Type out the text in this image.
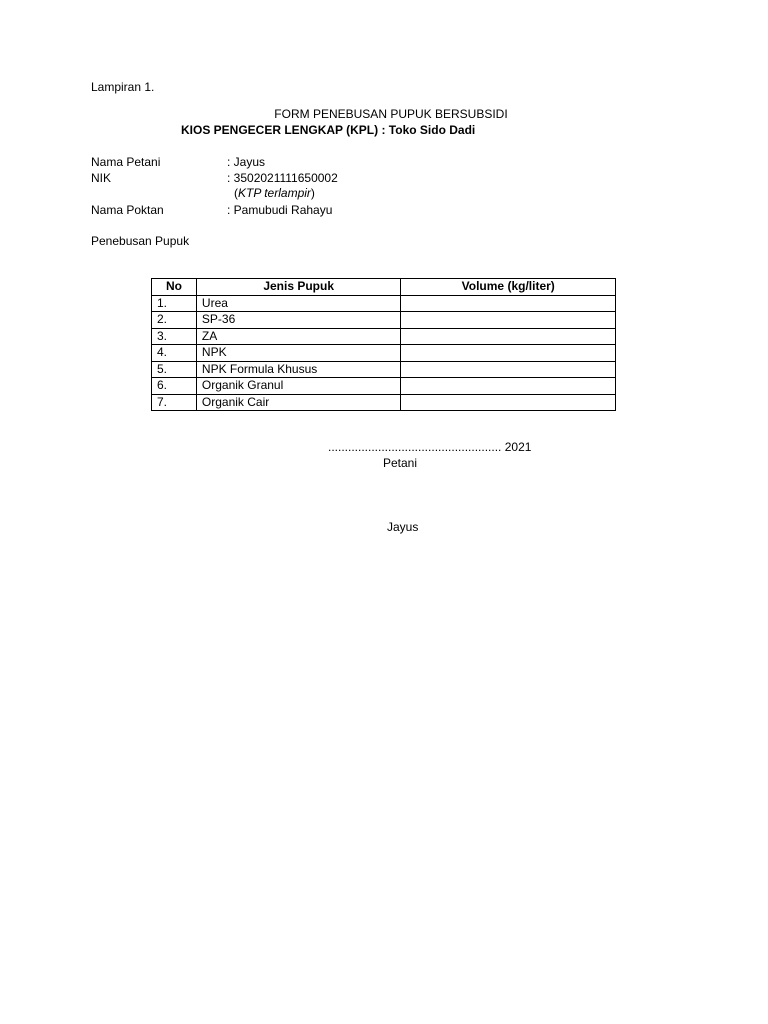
Lampiran 1.
FORM PENEBUSAN PUPUK BERSUBSIDI
KIOS PENGECER LENGKAP (KPL) : Toko Sido Dadi
Nama Petani	: Jayus
NIK	: 3502021111650002
(KTP terlampir)
Nama Poktan	: Pamubudi Rahayu
Penebusan Pupuk
No	Jenis Pupuk	Volume (kg/liter)
1.	Urea	
2.	SP-36	
3.	ZA	
4.	NPK	
5.	NPK Formula Khusus	
6.	Organik Granul	
7.	Organik Cair	
.................................................... 2021
Petani
Jayus
